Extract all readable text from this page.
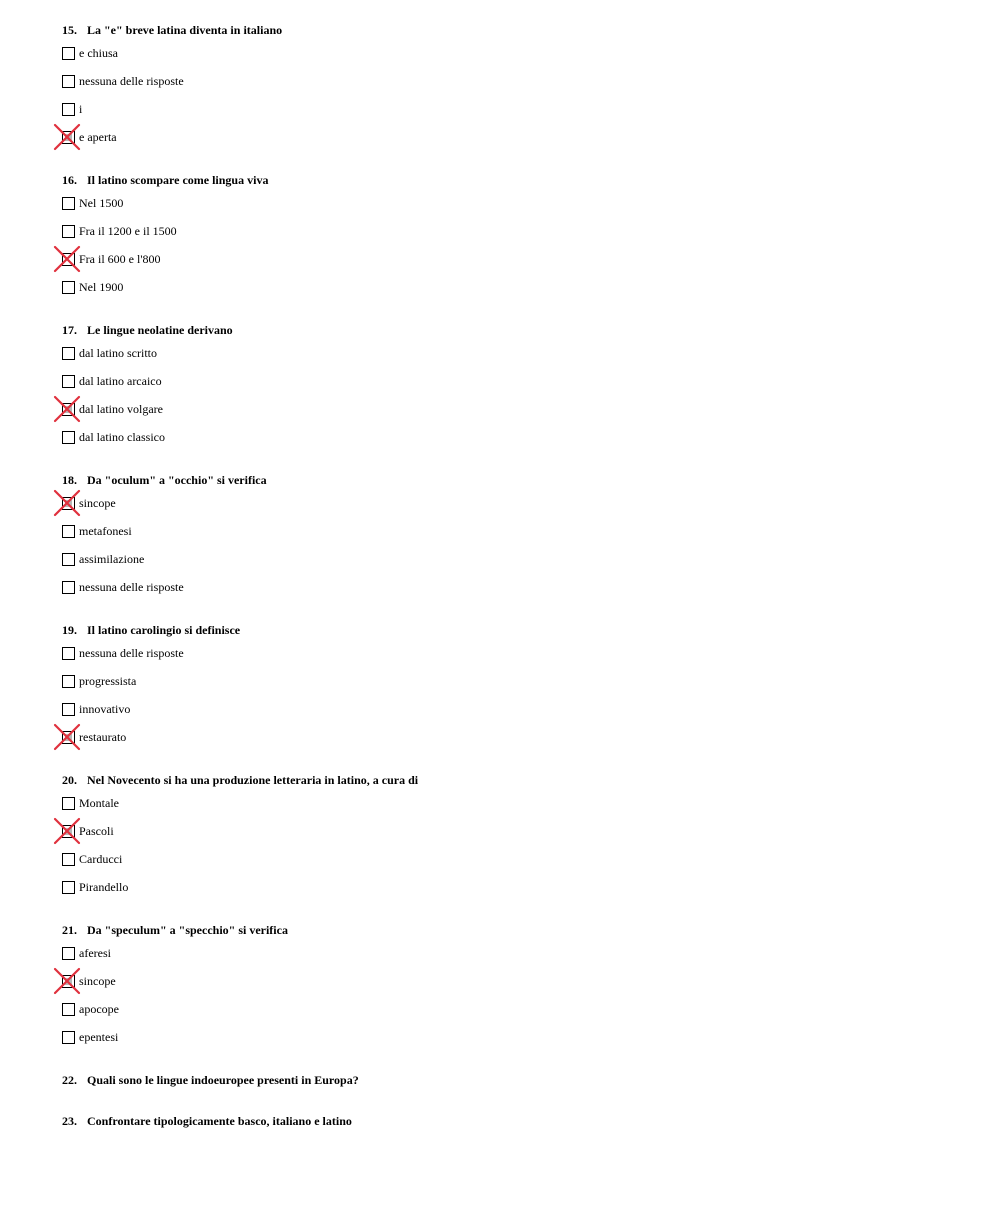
15. La "e" breve latina diventa in italiano
e chiusa
nessuna delle risposte
i
e aperta
16. Il latino scompare come lingua viva
Nel 1500
Fra il 1200 e il 1500
Fra il 600 e l'800
Nel 1900
17. Le lingue neolatine derivano
dal latino scritto
dal latino arcaico
dal latino volgare
dal latino classico
18. Da "oculum" a "occhio" si verifica
sincope
metafonesi
assimilazione
nessuna delle risposte
19. Il latino carolingio si definisce
nessuna delle risposte
progressista
innovativo
restaurato
20. Nel Novecento si ha una produzione letteraria in latino, a cura di
Montale
Pascoli
Carducci
Pirandello
21. Da "speculum" a "specchio" si verifica
aferesi
sincope
apocope
epentesi
22. Quali sono le lingue indoeuropee presenti in Europa?
23. Confrontare tipologicamente basco, italiano e latino
